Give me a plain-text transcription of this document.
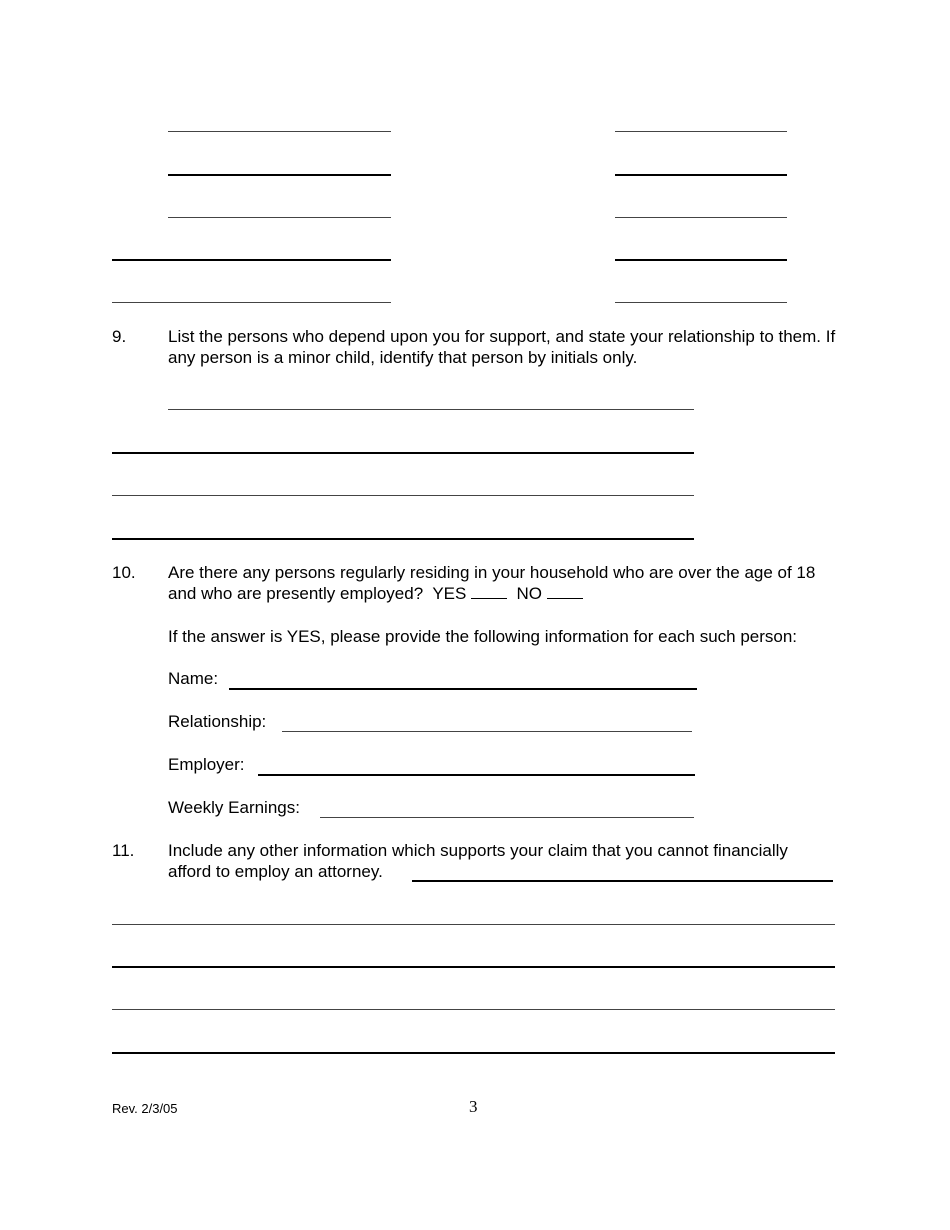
9. List the persons who depend upon you for support, and state your relationship to them. If any person is a minor child, identify that person by initials only.
10. Are there any persons regularly residing in your household who are over the age of 18 and who are presently employed? YES	NO
If the answer is YES, please provide the following information for each such person:
Name:
Relationship:
Employer:
Weekly Earnings:
11. Include any other information which supports your claim that you cannot financially
afford to employ an attorney.
Rev. 2/3/05	3
